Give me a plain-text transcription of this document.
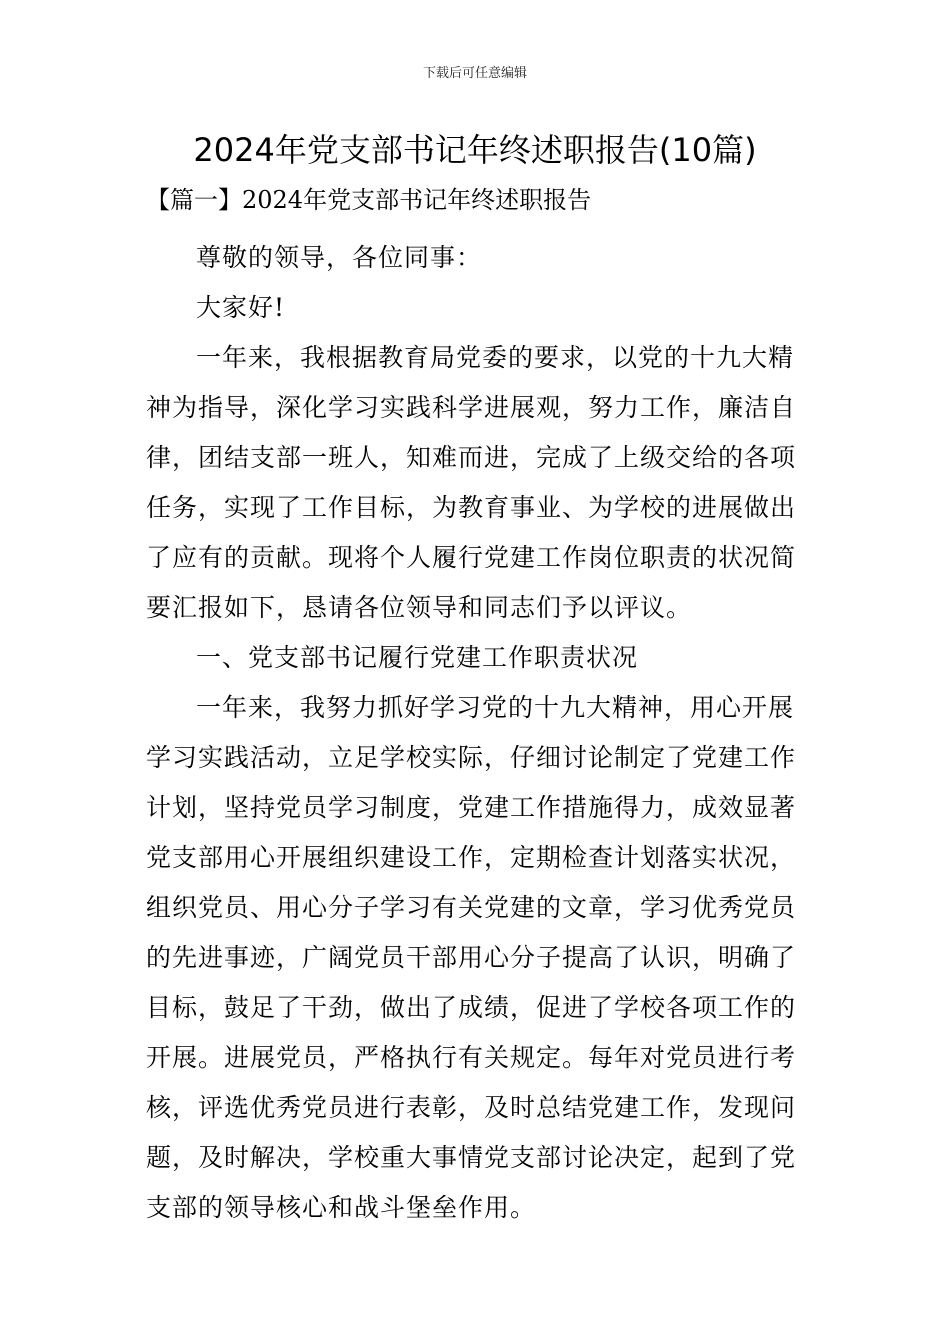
下载后可任意编辑
2024年党支部书记年终述职报告(10篇)
【篇一】2024年党支部书记年终述职报告

尊敬的领导，各位同事：

大家好!

一年来，我根据教育局党委的要求，以党的十九大精神为指导，深化学习实践科学进展观，努力工作，廉洁自律，团结支部一班人，知难而进，完成了上级交给的各项任务，实现了工作目标，为教育事业、为学校的进展做出了应有的贡献。现将个人履行党建工作岗位职责的状况简要汇报如下，恳请各位领导和同志们予以评议。

一、党支部书记履行党建工作职责状况

一年来，我努力抓好学习党的十九大精神，用心开展学习实践活动，立足学校实际，仔细讨论制定了党建工作计划，坚持党员学习制度，党建工作措施得力，成效显著党支部用心开展组织建设工作，定期检查计划落实状况，组织党员、用心分子学习有关党建的文章，学习优秀党员的先进事迹，广阔党员干部用心分子提高了认识，明确了目标，鼓足了干劲，做出了成绩，促进了学校各项工作的开展。进展党员，严格执行有关规定。每年对党员进行考核，评选优秀党员进行表彰，及时总结党建工作，发现问题，及时解决，学校重大事情党支部讨论决定，起到了党支部的领导核心和战斗堡垒作用。
